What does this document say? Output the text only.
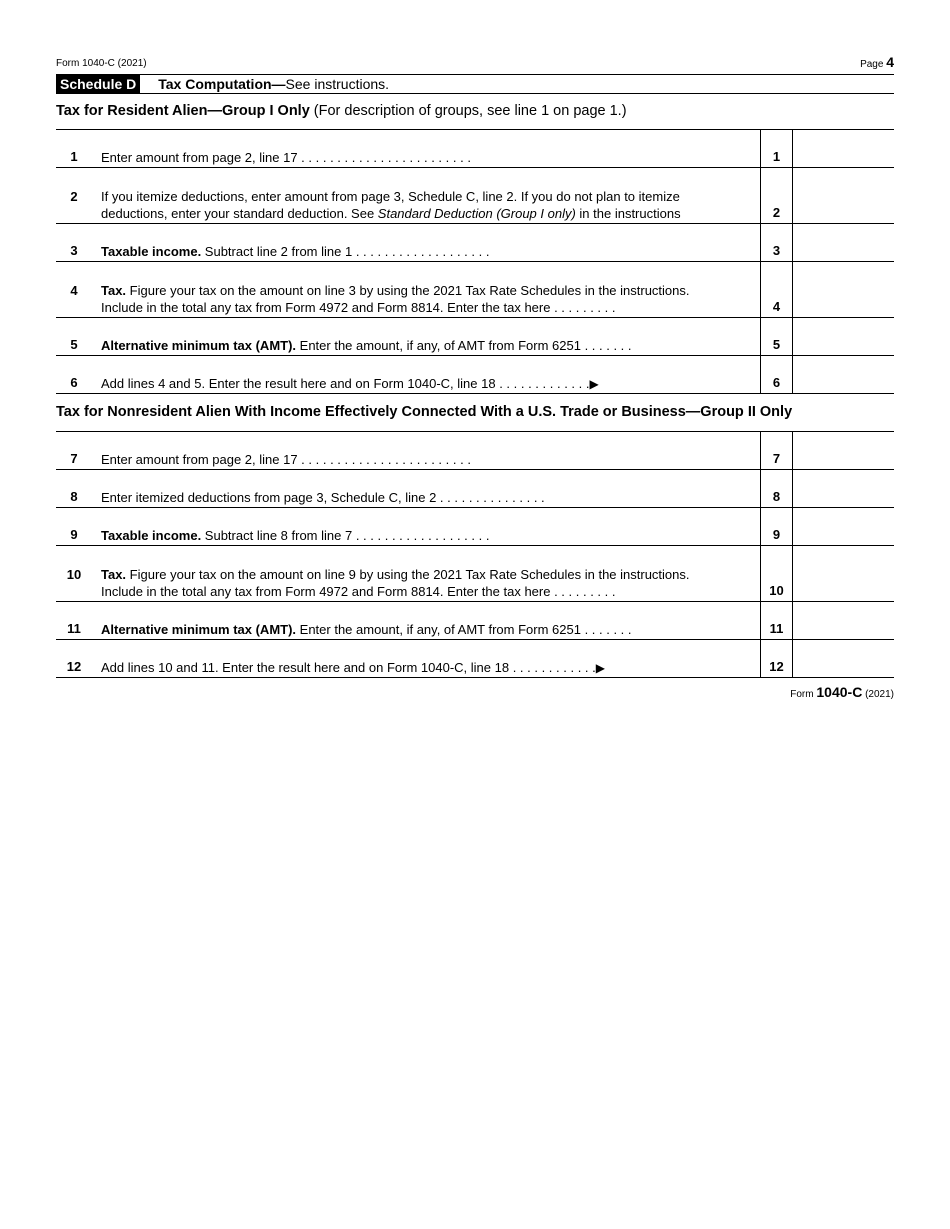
Form 1040-C (2021)	Page 4
Schedule D Tax Computation—See instructions.
Tax for Resident Alien—Group I Only (For description of groups, see line 1 on page 1.)
1	Enter amount from page 2, line 17 . . . . . . . . . . . . . . . . . . . . . . . .	1
2	If you itemize deductions, enter amount from page 3, Schedule C, line 2. If you do not plan to itemize
deductions, enter your standard deduction. See Standard Deduction (Group I only) in the instructions	2
3	Taxable income. Subtract line 2 from line 1 . . . . . . . . . . . . . . . . . . .	3
4	Tax. Figure your tax on the amount on line 3 by using the 2021 Tax Rate Schedules in the instructions.
Include in the total any tax from Form 4972 and Form 8814. Enter the tax here . . . . . . . . .	4
5	Alternative minimum tax (AMT). Enter the amount, if any, of AMT from Form 6251 . . . . . . .	5
6	Add lines 4 and 5. Enter the result here and on Form 1040-C, line 18 . . . . . . . . . . . . .▶	6
Tax for Nonresident Alien With Income Effectively Connected With a U.S. Trade or Business—Group II Only
7	Enter amount from page 2, line 17 . . . . . . . . . . . . . . . . . . . . . . . .	7
8	Enter itemized deductions from page 3, Schedule C, line 2 . . . . . . . . . . . . . . .	8
9	Taxable income. Subtract line 8 from line 7 . . . . . . . . . . . . . . . . . . .	9
10	Tax. Figure your tax on the amount on line 9 by using the 2021 Tax Rate Schedules in the instructions.
Include in the total any tax from Form 4972 and Form 8814. Enter the tax here . . . . . . . . .	10
11	Alternative minimum tax (AMT). Enter the amount, if any, of AMT from Form 6251 . . . . . . .	11
12	Add lines 10 and 11. Enter the result here and on Form 1040-C, line 18 . . . . . . . . . . . .▶	12
Form 1040-C (2021)
